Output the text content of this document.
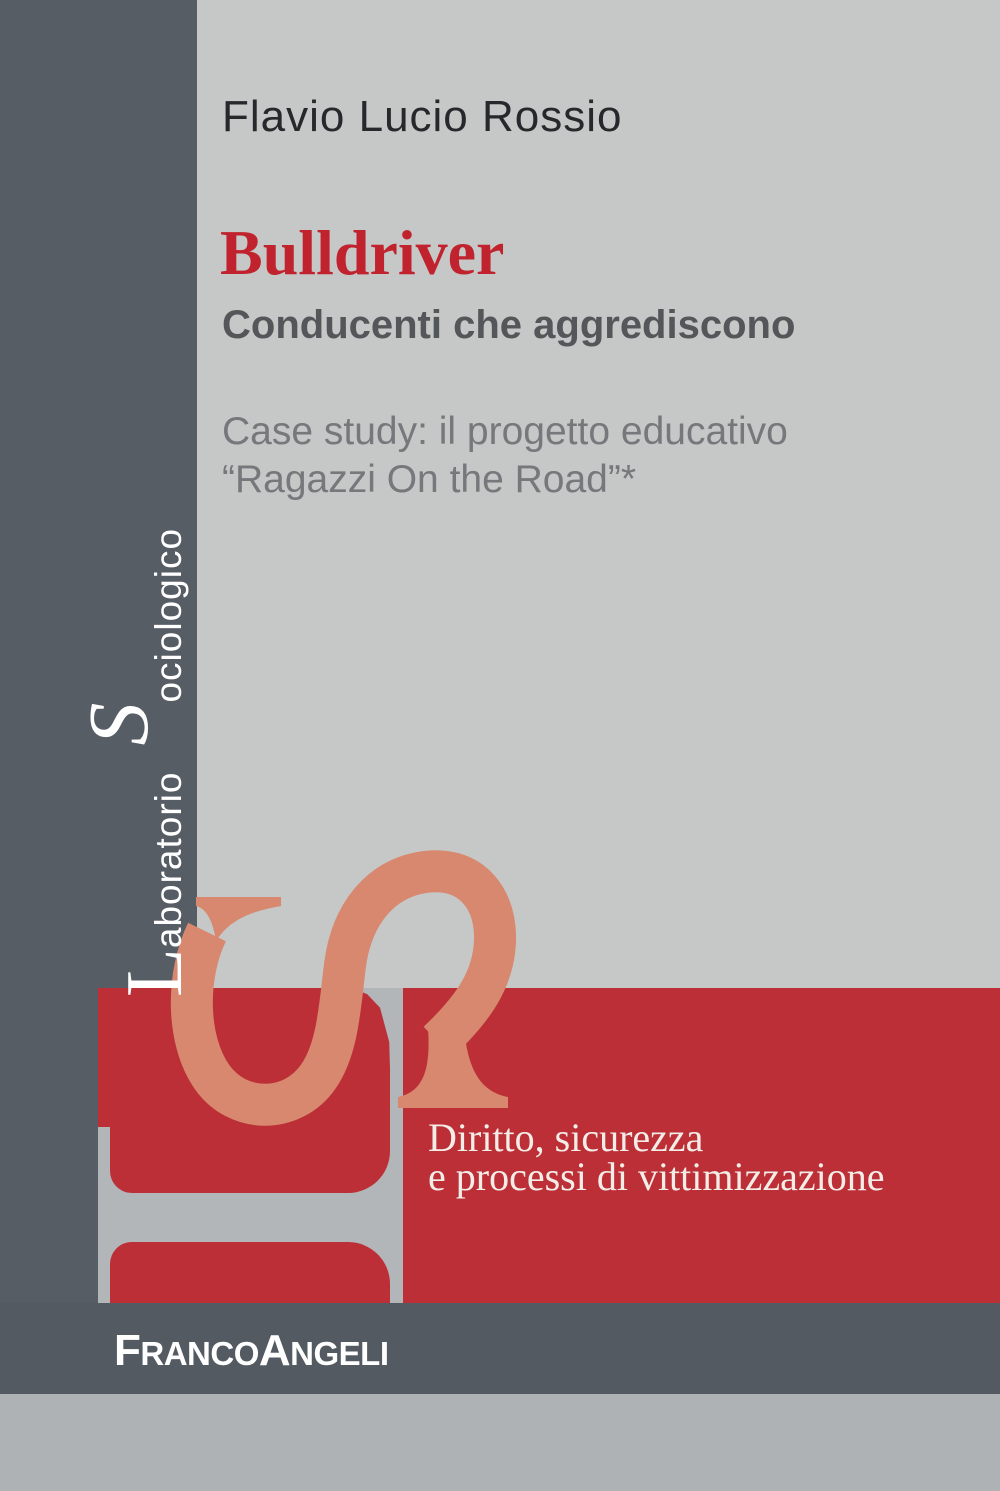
L
aboratorio
S
ociologico
Flavio Lucio Rossio
Bulldriver
Conducenti che aggrediscono
Case study: il progetto educativo
“Ragazzi On the Road”*
Diritto, sicurezza
e processi di vittimizzazione
FRANCOANGELI
